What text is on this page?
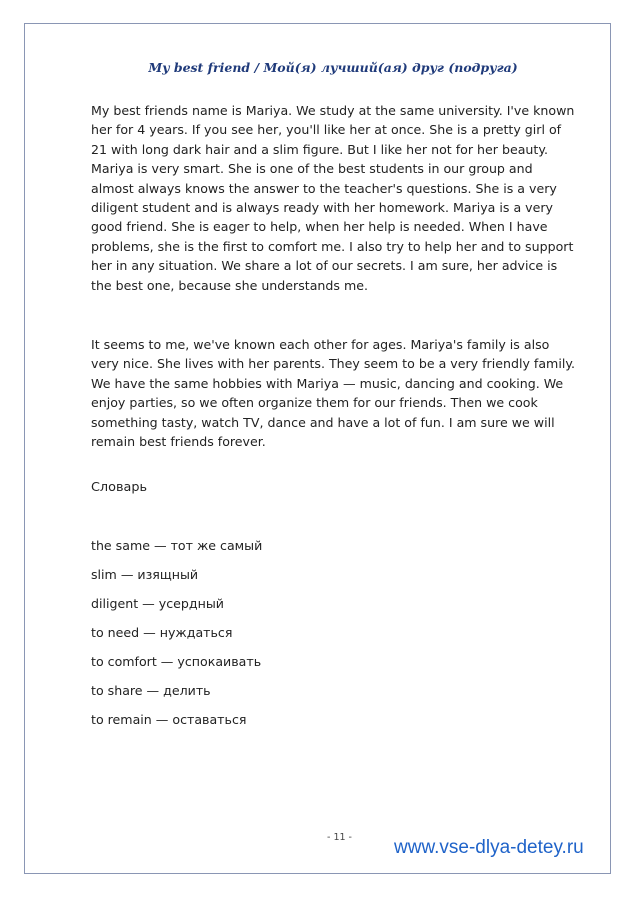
My best friend / Мой(я) лучший(ая) друг (подруга)
My best friends name is Mariya. We study at the same university. I've known
her for 4 years. If you see her, you'll like her at once. She is a pretty girl of
21 with long dark hair and a slim figure. But I like her not for her beauty.
Mariya is very smart. She is one of the best students in our group and
almost always knows the answer to the teacher's questions. She is a very
diligent student and is always ready with her homework. Mariya is a very
good friend. She is eager to help, when her help is needed. When I have
problems, she is the first to comfort me. I also try to help her and to support
her in any situation. We share a lot of our secrets. I am sure, her advice is
the best one, because she understands me.
It seems to me, we've known each other for ages. Mariya's family is also
very nice. She lives with her parents. They seem to be a very friendly family.
We have the same hobbies with Mariya — music, dancing and cooking. We
enjoy parties, so we often organize them for our friends. Then we cook
something tasty, watch TV, dance and have a lot of fun. I am sure we will
remain best friends forever.
Словарь
the same — тот же самый
slim — изящный
diligent — усердный
to need — нуждаться
to comfort — успокаивать
to share — делить
to remain — оставаться
- 11 - www.vse-dlya-detey.ru
